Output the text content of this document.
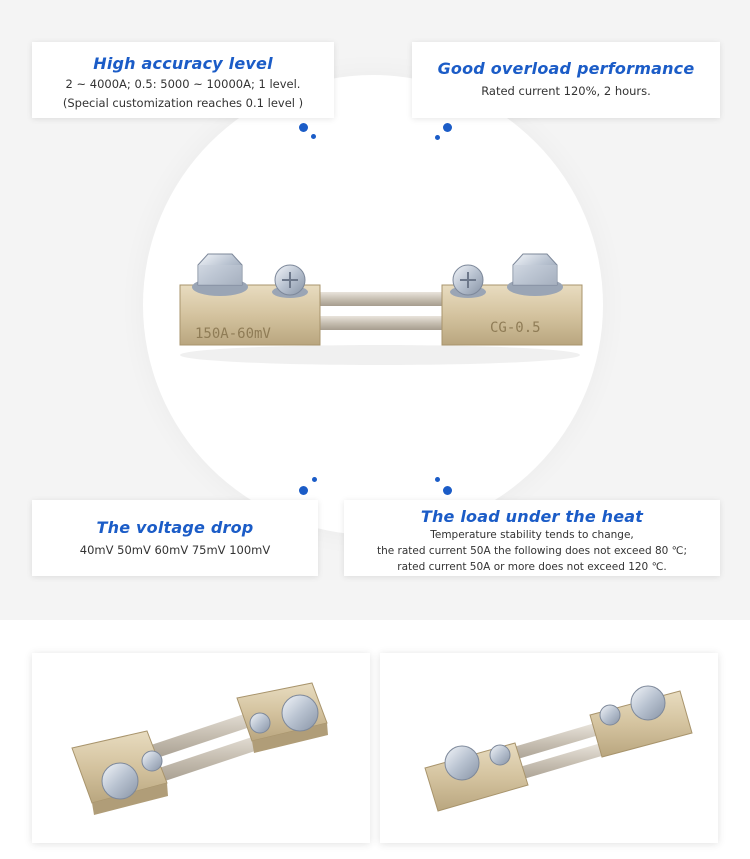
150A-60mV	CG-0.5
High accuracy level

2 ~ 4000A; 0.5: 5000 ~ 10000A; 1 level.

(Special customization reaches 0.1 level )

Good overload performance

Rated current 120%, 2 hours.

The voltage drop

40mV 50mV 60mV 75mV 100mV

The load under the heat

Temperature stability tends to change,

the rated current 50A the following does not exceed 80 ℃;

rated current 50A or more does not exceed 120 ℃.
